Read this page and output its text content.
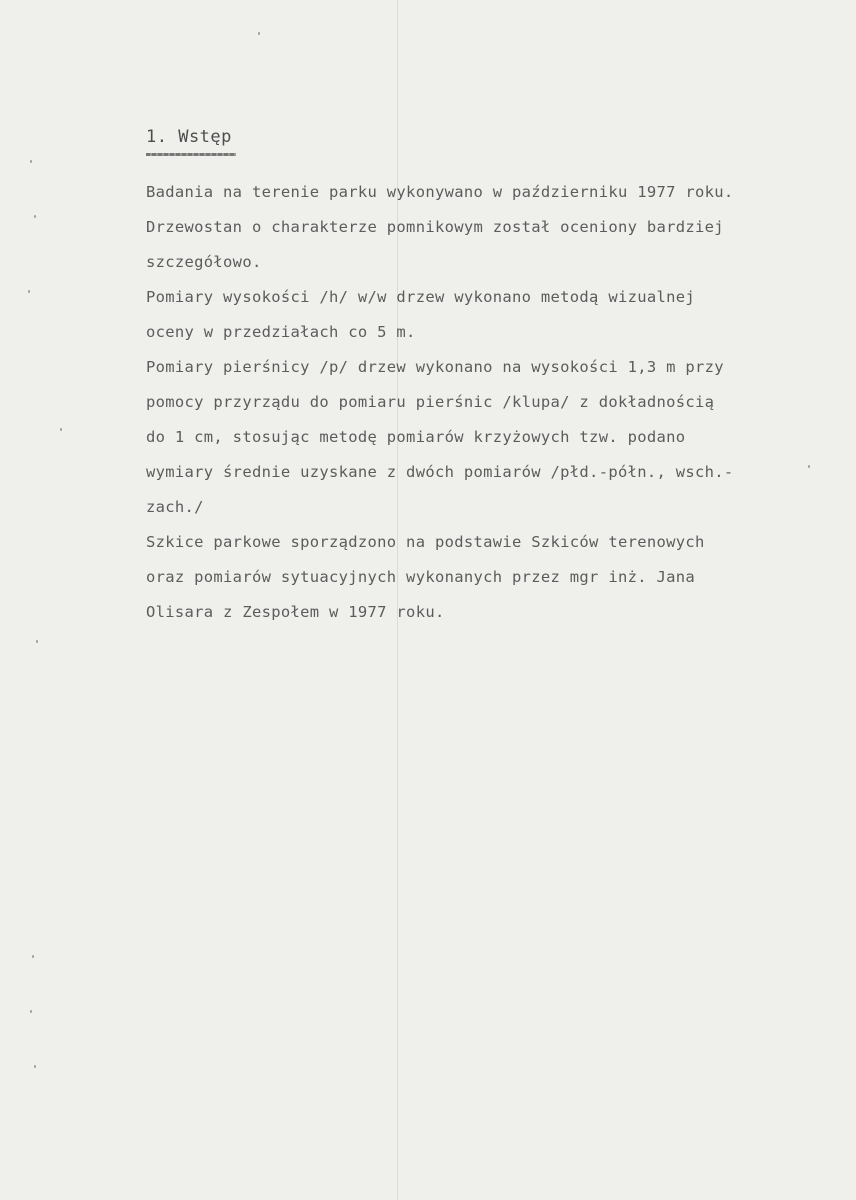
1. Wstęp
Badania na terenie parku wykonywano w październiku 1977 roku.
Drzewostan o charakterze pomnikowym został oceniony bardziej
szczegółowo.
Pomiary wysokości /h/ w/w drzew wykonano metodą wizualnej
oceny w przedziałach co 5 m.
Pomiary pierśnicy /p/ drzew wykonano na wysokości 1,3 m przy
pomocy przyrządu do pomiaru pierśnic /klupa/ z dokładnością
do 1 cm, stosując metodę pomiarów krzyżowych tzw. podano
wymiary średnie uzyskane z dwóch pomiarów /płd.-półn., wsch.-
zach./
Szkice parkowe sporządzono na podstawie Szkiców terenowych
oraz pomiarów sytuacyjnych wykonanych przez mgr inż. Jana
Olisara z Zespołem w 1977 roku.
